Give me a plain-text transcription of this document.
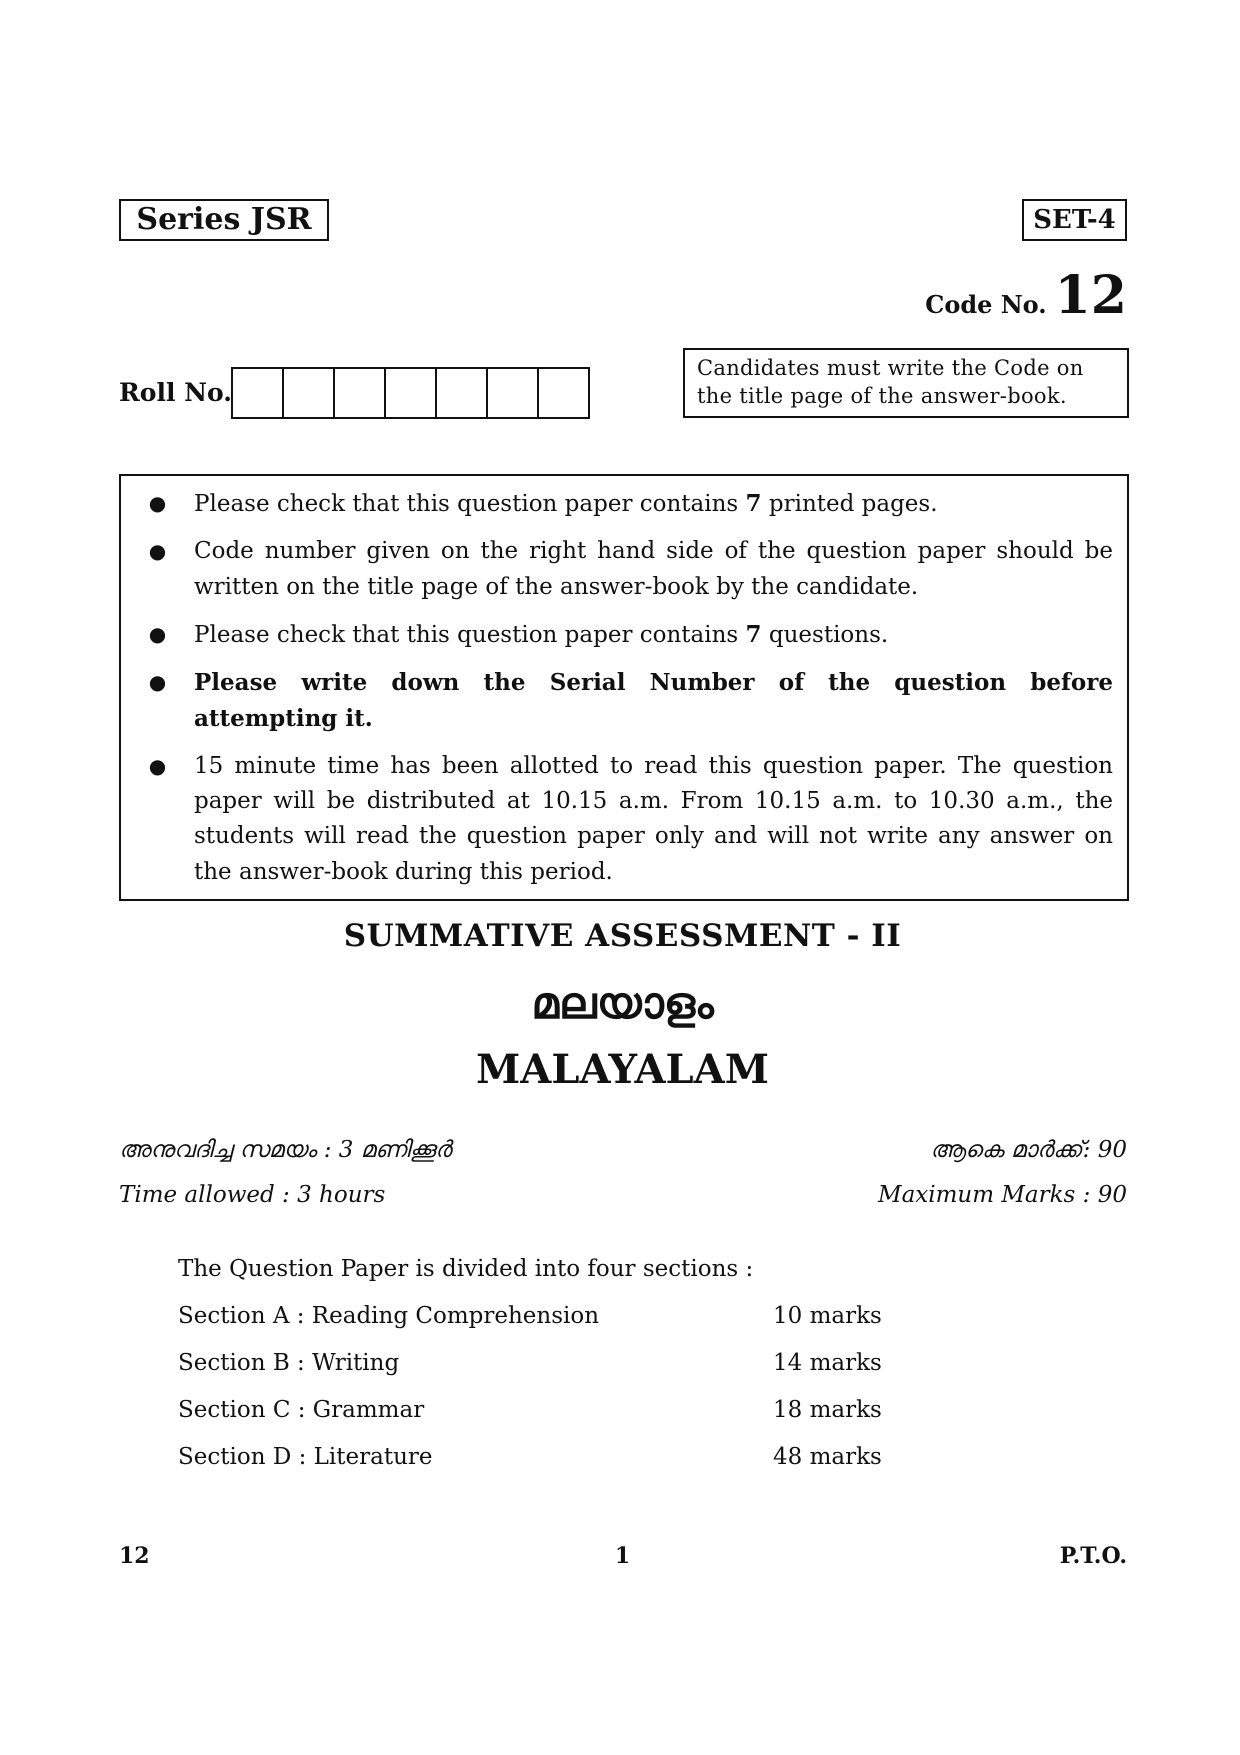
Series JSR	SET-4
Code No. 12
Roll No.
Candidates must write the Code on the title page of the answer-book.
●	Please check that this question paper contains 7 printed pages.
●	Code number given on the right hand side of the question paper should be written on the title page of the answer-book by the candidate.
●	Please check that this question paper contains 7 questions.
●	Please write down the Serial Number of the question before attempting it.
●	15 minute time has been allotted to read this question paper. The question paper will be distributed at 10.15 a.m. From 10.15 a.m. to 10.30 a.m., the students will read the question paper only and will not write any answer on the answer-book during this period.
SUMMATIVE ASSESSMENT - II
മലയാളം
MALAYALAM
അനുവദിച്ച സമയം : 3 മണിക്കൂർ
Time allowed : 3 hours
ആകെ മാർക്ക്: 90
Maximum Marks : 90
The Question Paper is divided into four sections :
Section A : Reading Comprehension	10 marks
Section B : Writing	14 marks
Section C : Grammar	18 marks
Section D : Literature	48 marks
12	1	P.T.O.
